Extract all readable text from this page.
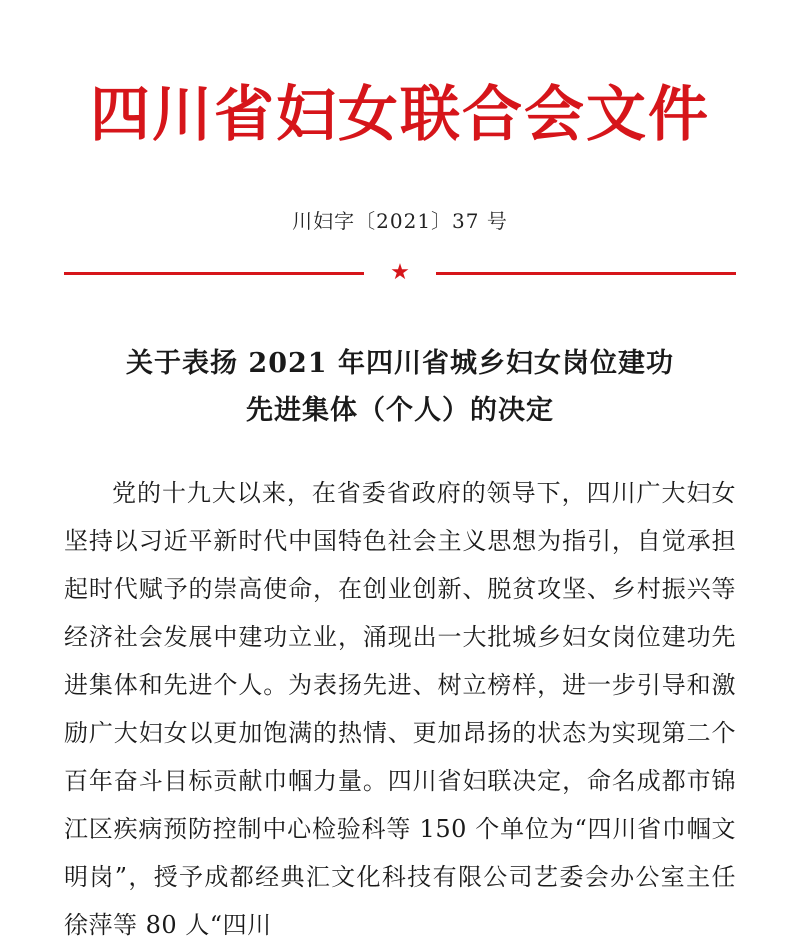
四川省妇女联合会文件

川妇字〔2021〕37 号

★
关于表扬 2021 年四川省城乡妇女岗位建功
先进集体（个人）的决定
党的十九大以来，在省委省政府的领导下，四川广大妇女坚持以习近平新时代中国特色社会主义思想为指引，自觉承担起时代赋予的崇高使命，在创业创新、脱贫攻坚、乡村振兴等经济社会发展中建功立业，涌现出一大批城乡妇女岗位建功先进集体和先进个人。为表扬先进、树立榜样，进一步引导和激励广大妇女以更加饱满的热情、更加昂扬的状态为实现第二个百年奋斗目标贡献巾帼力量。四川省妇联决定，命名成都市锦江区疾病预防控制中心检验科等 150 个单位为“四川省巾帼文明岗”，授予成都经典汇文化科技有限公司艺委会办公室主任徐萍等 80 人“四川
